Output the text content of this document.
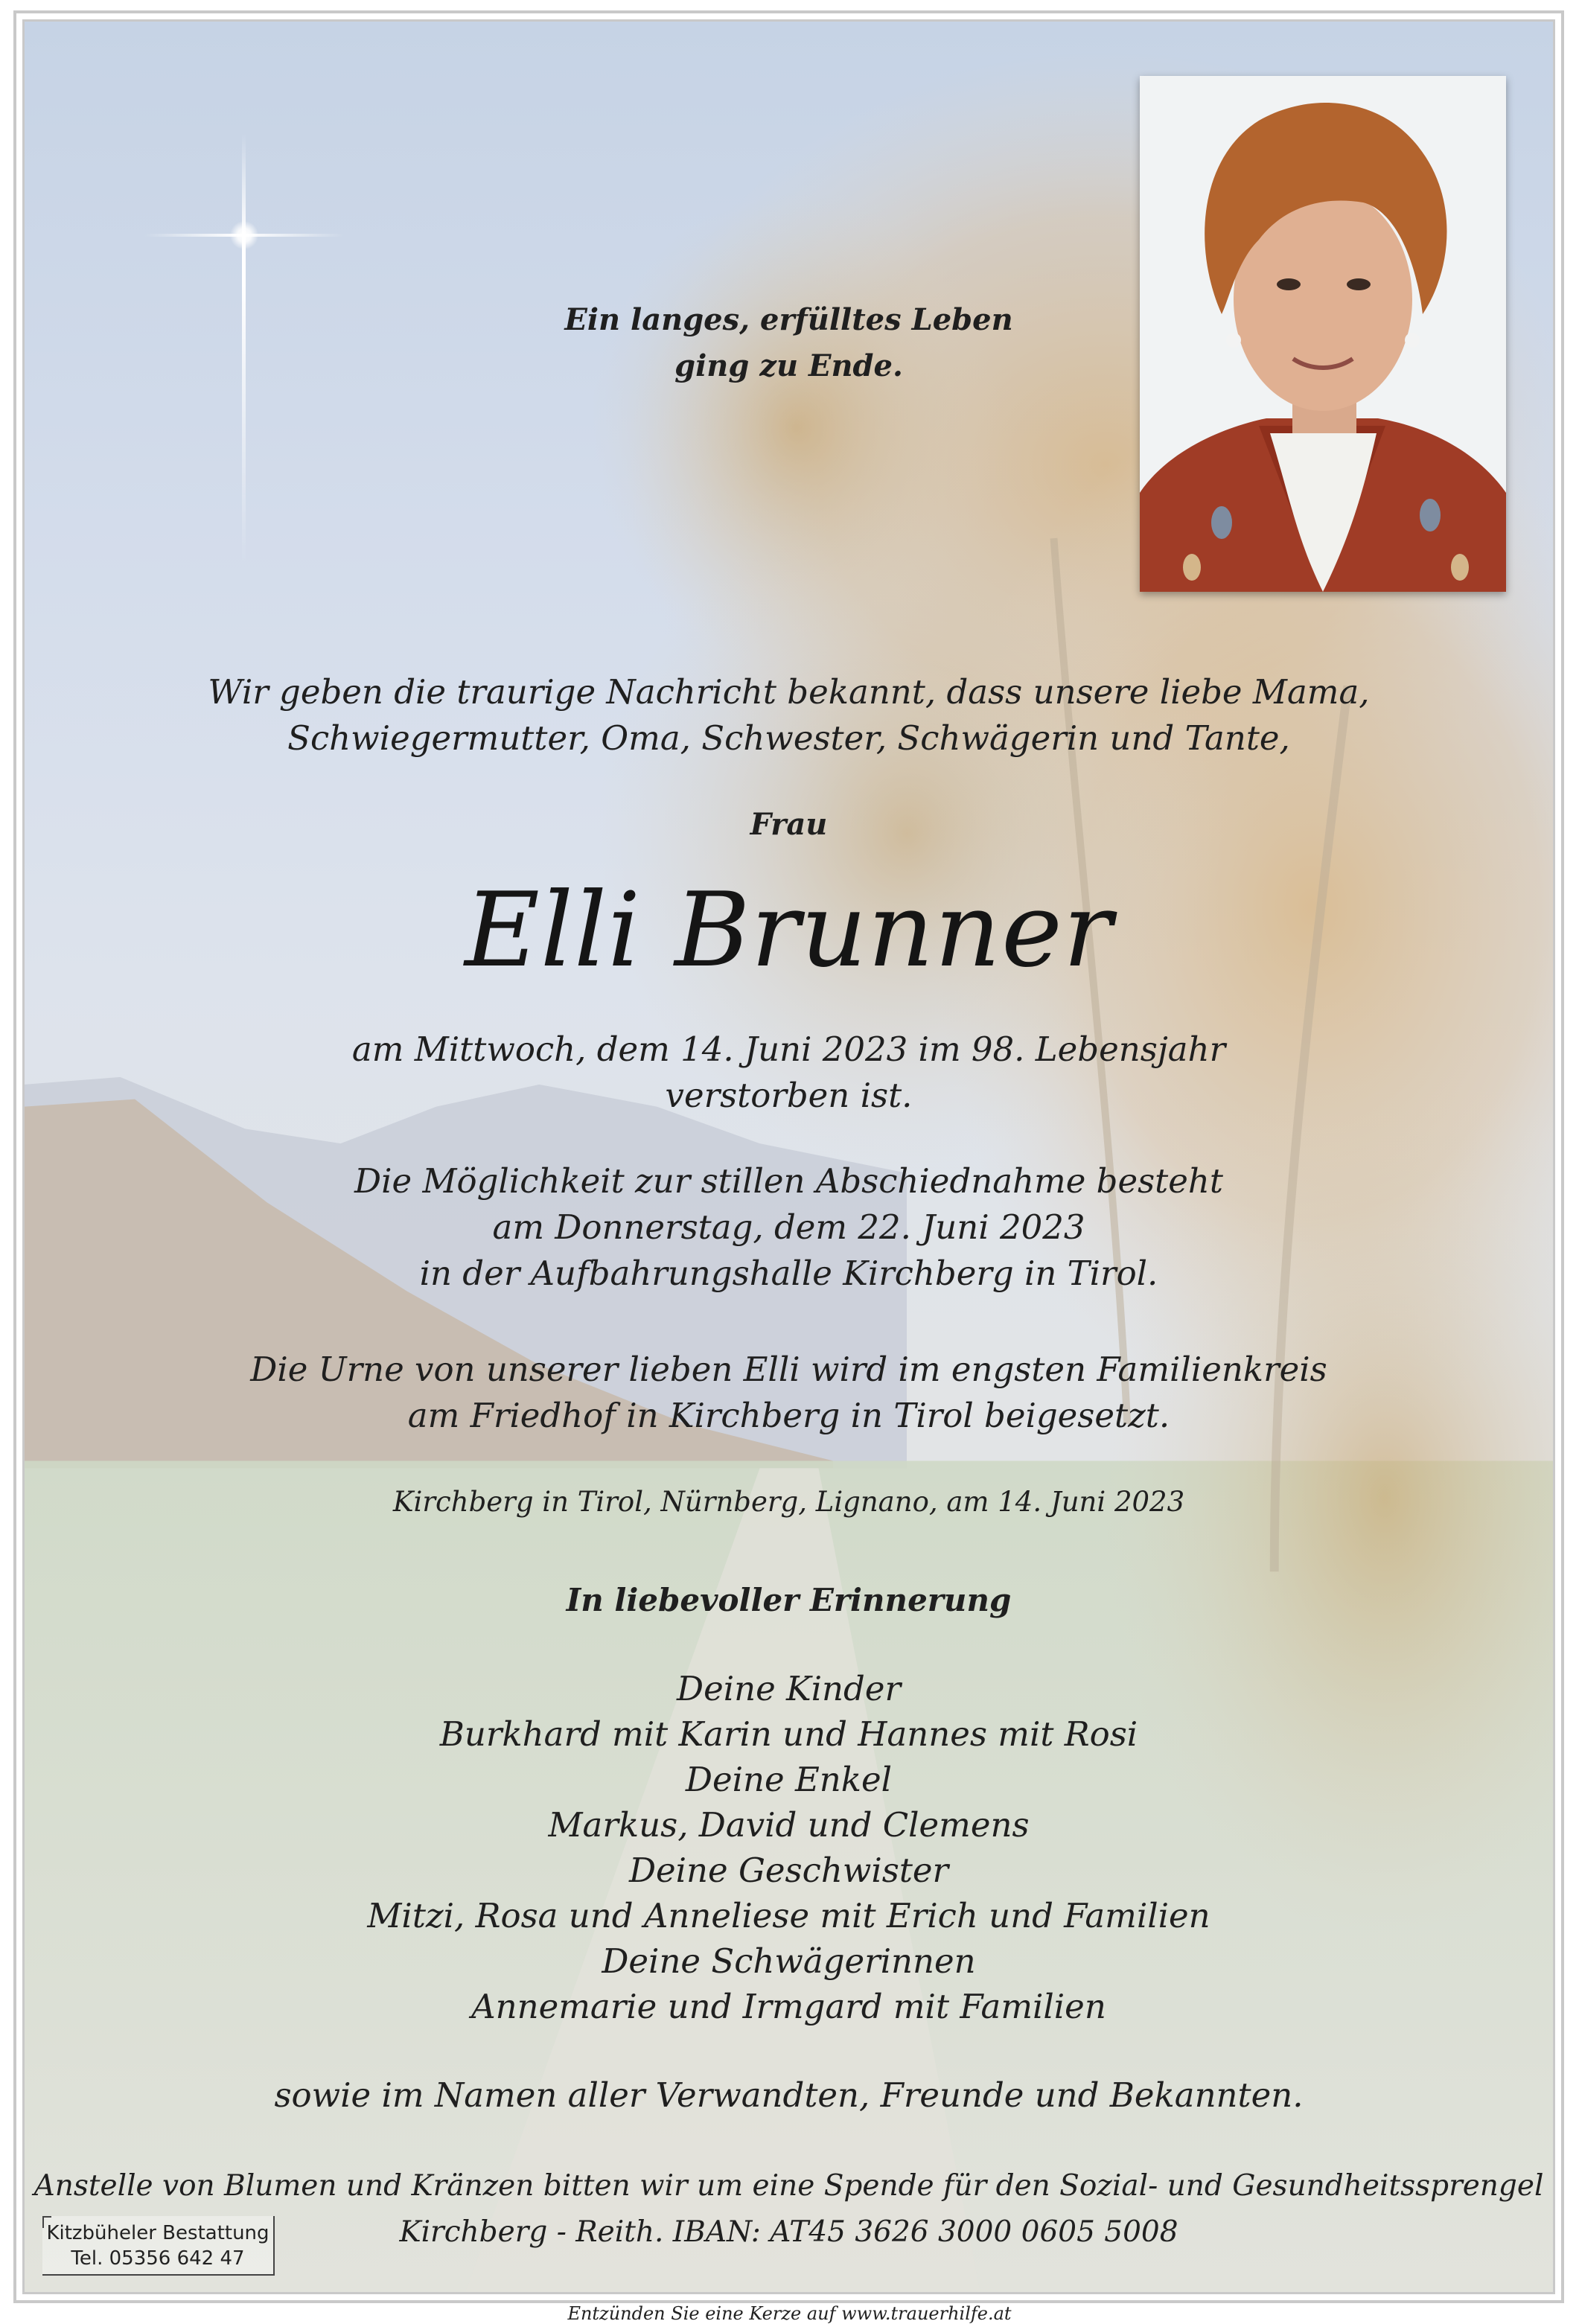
Ein langes, erfülltes Leben
ging zu Ende.
Wir geben die traurige Nachricht bekannt, dass unsere liebe Mama,
Schwiegermutter, Oma, Schwester, Schwägerin und Tante,
Frau
Elli Brunner
am Mittwoch, dem 14. Juni 2023 im 98. Lebensjahr
verstorben ist.
Die Möglichkeit zur stillen Abschiednahme besteht
am Donnerstag, dem 22. Juni 2023
in der Aufbahrungshalle Kirchberg in Tirol.
Die Urne von unserer lieben Elli wird im engsten Familienkreis
am Friedhof in Kirchberg in Tirol beigesetzt.
Kirchberg in Tirol, Nürnberg, Lignano, am 14. Juni 2023
In liebevoller Erinnerung
Deine Kinder
Burkhard mit Karin und Hannes mit Rosi
Deine Enkel
Markus, David und Clemens
Deine Geschwister
Mitzi, Rosa und Anneliese mit Erich und Familien
Deine Schwägerinnen
Annemarie und Irmgard mit Familien
sowie im Namen aller Verwandten, Freunde und Bekannten.
Anstelle von Blumen und Kränzen bitten wir um eine Spende für den Sozial- und Gesundheitssprengel
Kirchberg - Reith. IBAN: AT45 3626 3000 0605 5008
Kitzbüheler Bestattung
Tel. 05356 642 47
Entzünden Sie eine Kerze auf www.trauerhilfe.at
